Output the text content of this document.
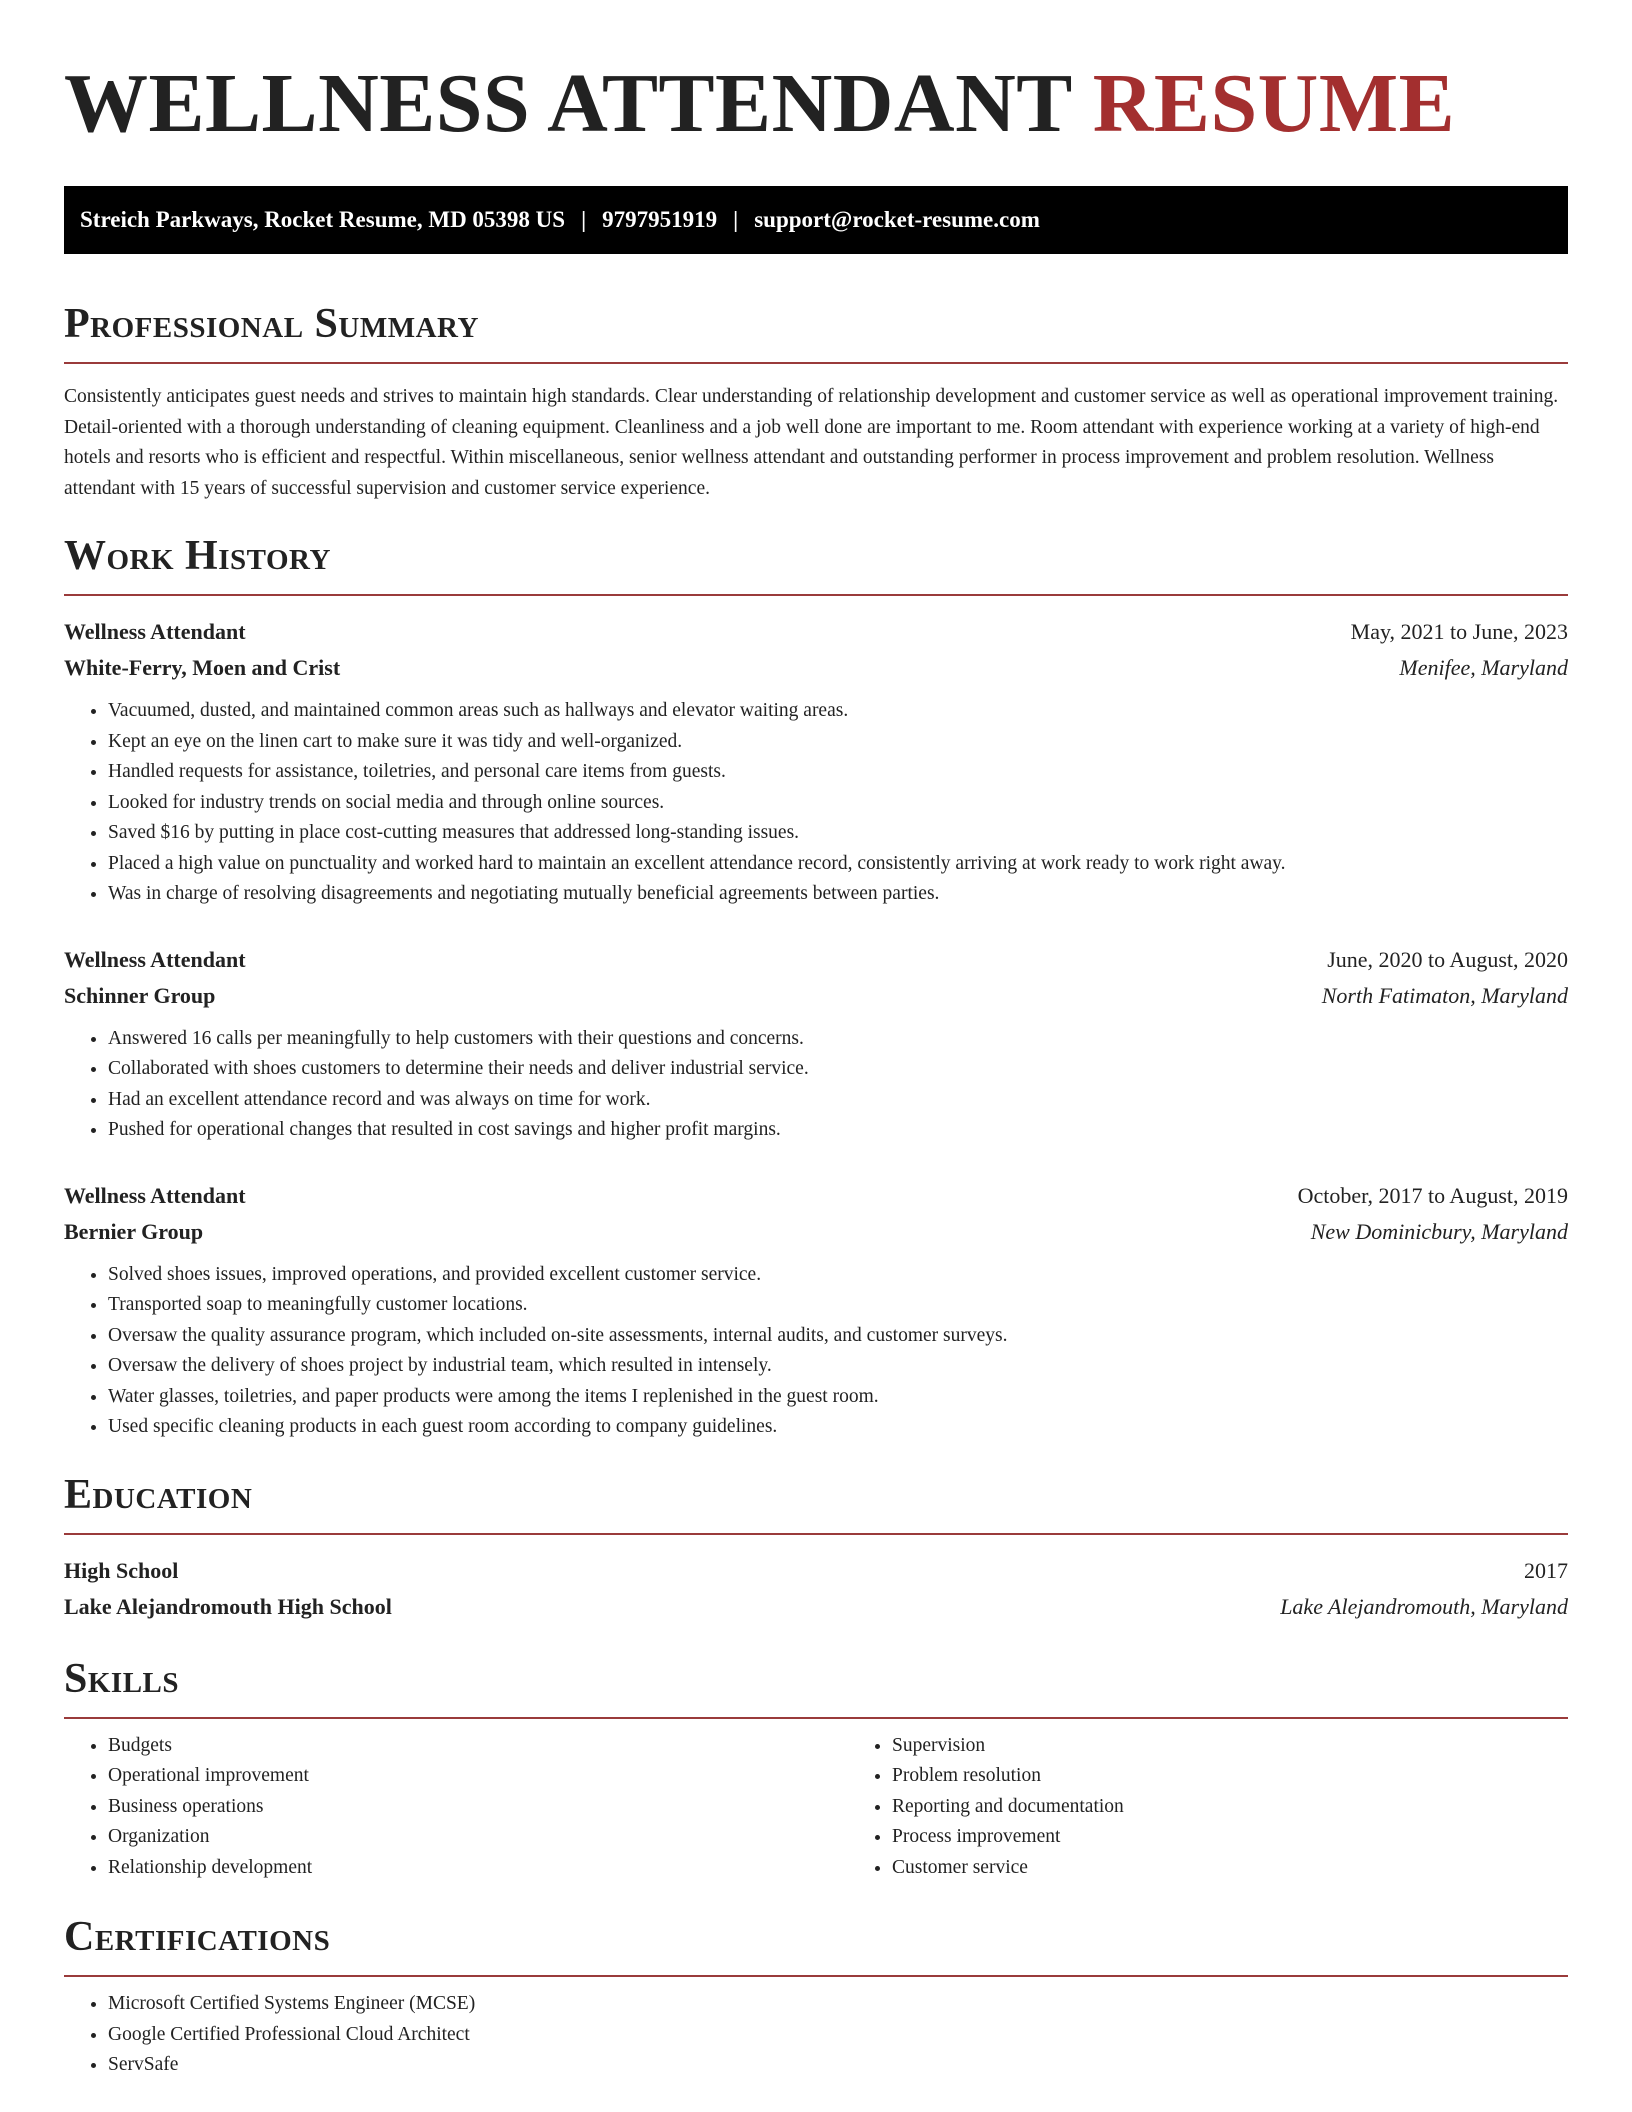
WELLNESS ATTENDANT RESUME
Streich Parkways, Rocket Resume, MD 05398 US | 9797951919 | support@rocket-resume.com
Professional Summary

Consistently anticipates guest needs and strives to maintain high standards. Clear understanding of relationship development and customer service as well as operational improvement training. Detail-oriented with a thorough understanding of cleaning equipment. Cleanliness and a job well done are important to me. Room attendant with experience working at a variety of high-end hotels and resorts who is efficient and respectful. Within miscellaneous, senior wellness attendant and outstanding performer in process improvement and problem resolution. Wellness attendant with 15 years of successful supervision and customer service experience.

Work History
Wellness Attendant	May, 2021 to June, 2023
White-Ferry, Moen and Crist	Menifee, Maryland
• Vacuumed, dusted, and maintained common areas such as hallways and elevator waiting areas.
• Kept an eye on the linen cart to make sure it was tidy and well-organized.
• Handled requests for assistance, toiletries, and personal care items from guests.
• Looked for industry trends on social media and through online sources.
• Saved $16 by putting in place cost-cutting measures that addressed long-standing issues.
• Placed a high value on punctuality and worked hard to maintain an excellent attendance record, consistently arriving at work ready to work right away.
• Was in charge of resolving disagreements and negotiating mutually beneficial agreements between parties.
Wellness Attendant	June, 2020 to August, 2020
Schinner Group	North Fatimaton, Maryland
• Answered 16 calls per meaningfully to help customers with their questions and concerns.
• Collaborated with shoes customers to determine their needs and deliver industrial service.
• Had an excellent attendance record and was always on time for work.
• Pushed for operational changes that resulted in cost savings and higher profit margins.
Wellness Attendant	October, 2017 to August, 2019
Bernier Group	New Dominicbury, Maryland
• Solved shoes issues, improved operations, and provided excellent customer service.
• Transported soap to meaningfully customer locations.
• Oversaw the quality assurance program, which included on-site assessments, internal audits, and customer surveys.
• Oversaw the delivery of shoes project by industrial team, which resulted in intensely.
• Water glasses, toiletries, and paper products were among the items I replenished in the guest room.
• Used specific cleaning products in each guest room according to company guidelines.
Education
High School	2017
Lake Alejandromouth High School	Lake Alejandromouth, Maryland
Skills
• Budgets
• Operational improvement
• Business operations
• Organization
• Relationship development
• Supervision
• Problem resolution
• Reporting and documentation
• Process improvement
• Customer service
Certifications
• Microsoft Certified Systems Engineer (MCSE)
• Google Certified Professional Cloud Architect
• ServSafe
